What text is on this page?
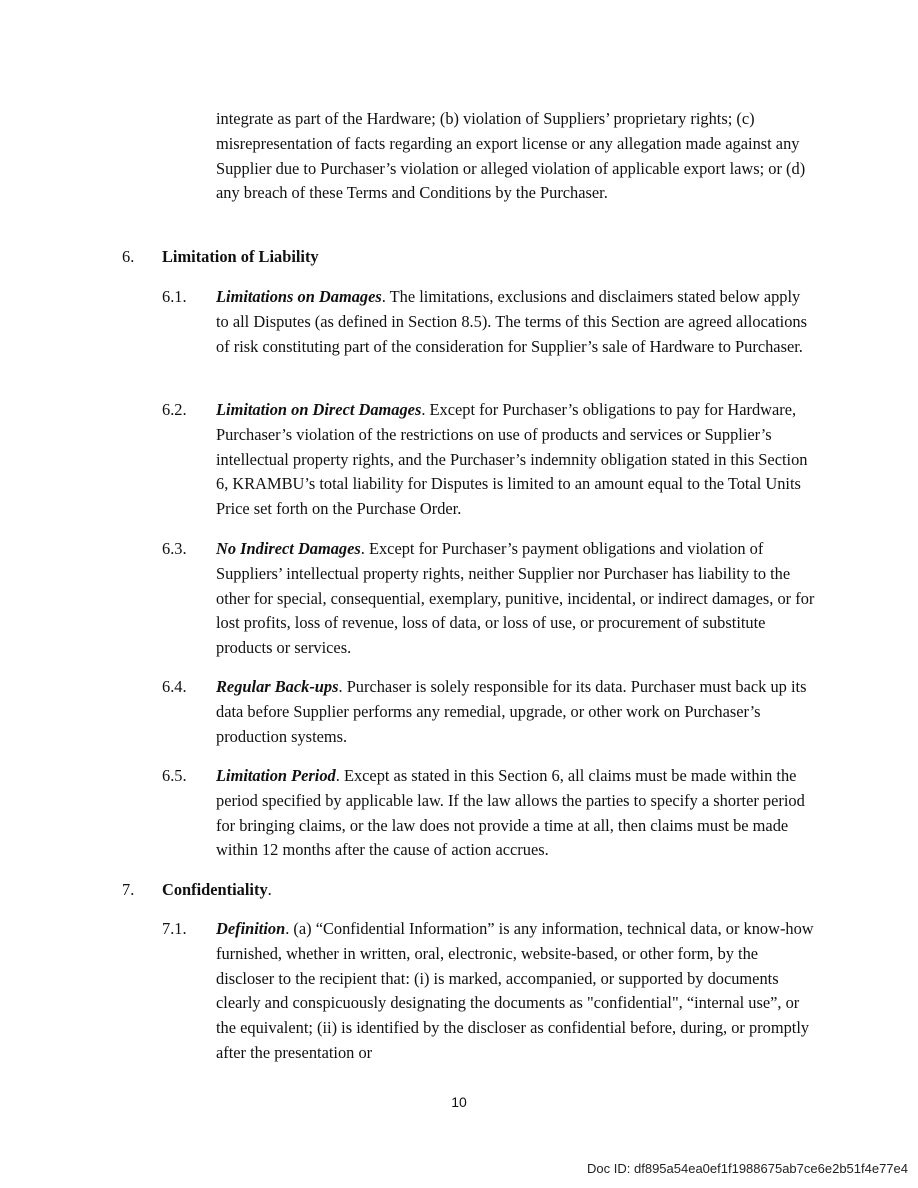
integrate as part of the Hardware; (b) violation of Suppliers’ proprietary rights; (c) misrepresentation of facts regarding an export license or any allegation made against any Supplier due to Purchaser’s violation or alleged violation of applicable export laws; or (d) any breach of these Terms and Conditions by the Purchaser.

6. Limitation of Liability
6.1. Limitations on Damages. The limitations, exclusions and disclaimers stated below apply to all Disputes (as defined in Section 8.5). The terms of this Section are agreed allocations of risk constituting part of the consideration for Supplier’s sale of Hardware to Purchaser.

6.2. Limitation on Direct Damages. Except for Purchaser’s obligations to pay for Hardware, Purchaser’s violation of the restrictions on use of products and services or Supplier’s intellectual property rights, and the Purchaser’s indemnity obligation stated in this Section 6, KRAMBU’s total liability for Disputes is limited to an amount equal to the Total Units Price set forth on the Purchase Order.

6.3. No Indirect Damages. Except for Purchaser’s payment obligations and violation of Suppliers’ intellectual property rights, neither Supplier nor Purchaser has liability to the other for special, consequential, exemplary, punitive, incidental, or indirect damages, or for lost profits, loss of revenue, loss of data, or loss of use, or procurement of substitute products or services.

6.4. Regular Back-ups. Purchaser is solely responsible for its data. Purchaser must back up its data before Supplier performs any remedial, upgrade, or other work on Purchaser’s production systems.

6.5. Limitation Period. Except as stated in this Section 6, all claims must be made within the period specified by applicable law. If the law allows the parties to specify a shorter period for bringing claims, or the law does not provide a time at all, then claims must be made within 12 months after the cause of action accrues.

7. Confidentiality.
7.1. Definition. (a) “Confidential Information” is any information, technical data, or know-how furnished, whether in written, oral, electronic, website-based, or other form, by the discloser to the recipient that: (i) is marked, accompanied, or supported by documents clearly and conspicuously designating the documents as "confidential", “internal use”, or the equivalent; (ii) is identified by the discloser as confidential before, during, or promptly after the presentation or

10
Doc ID: df895a54ea0ef1f1988675ab7ce6e2b51f4e77e4
